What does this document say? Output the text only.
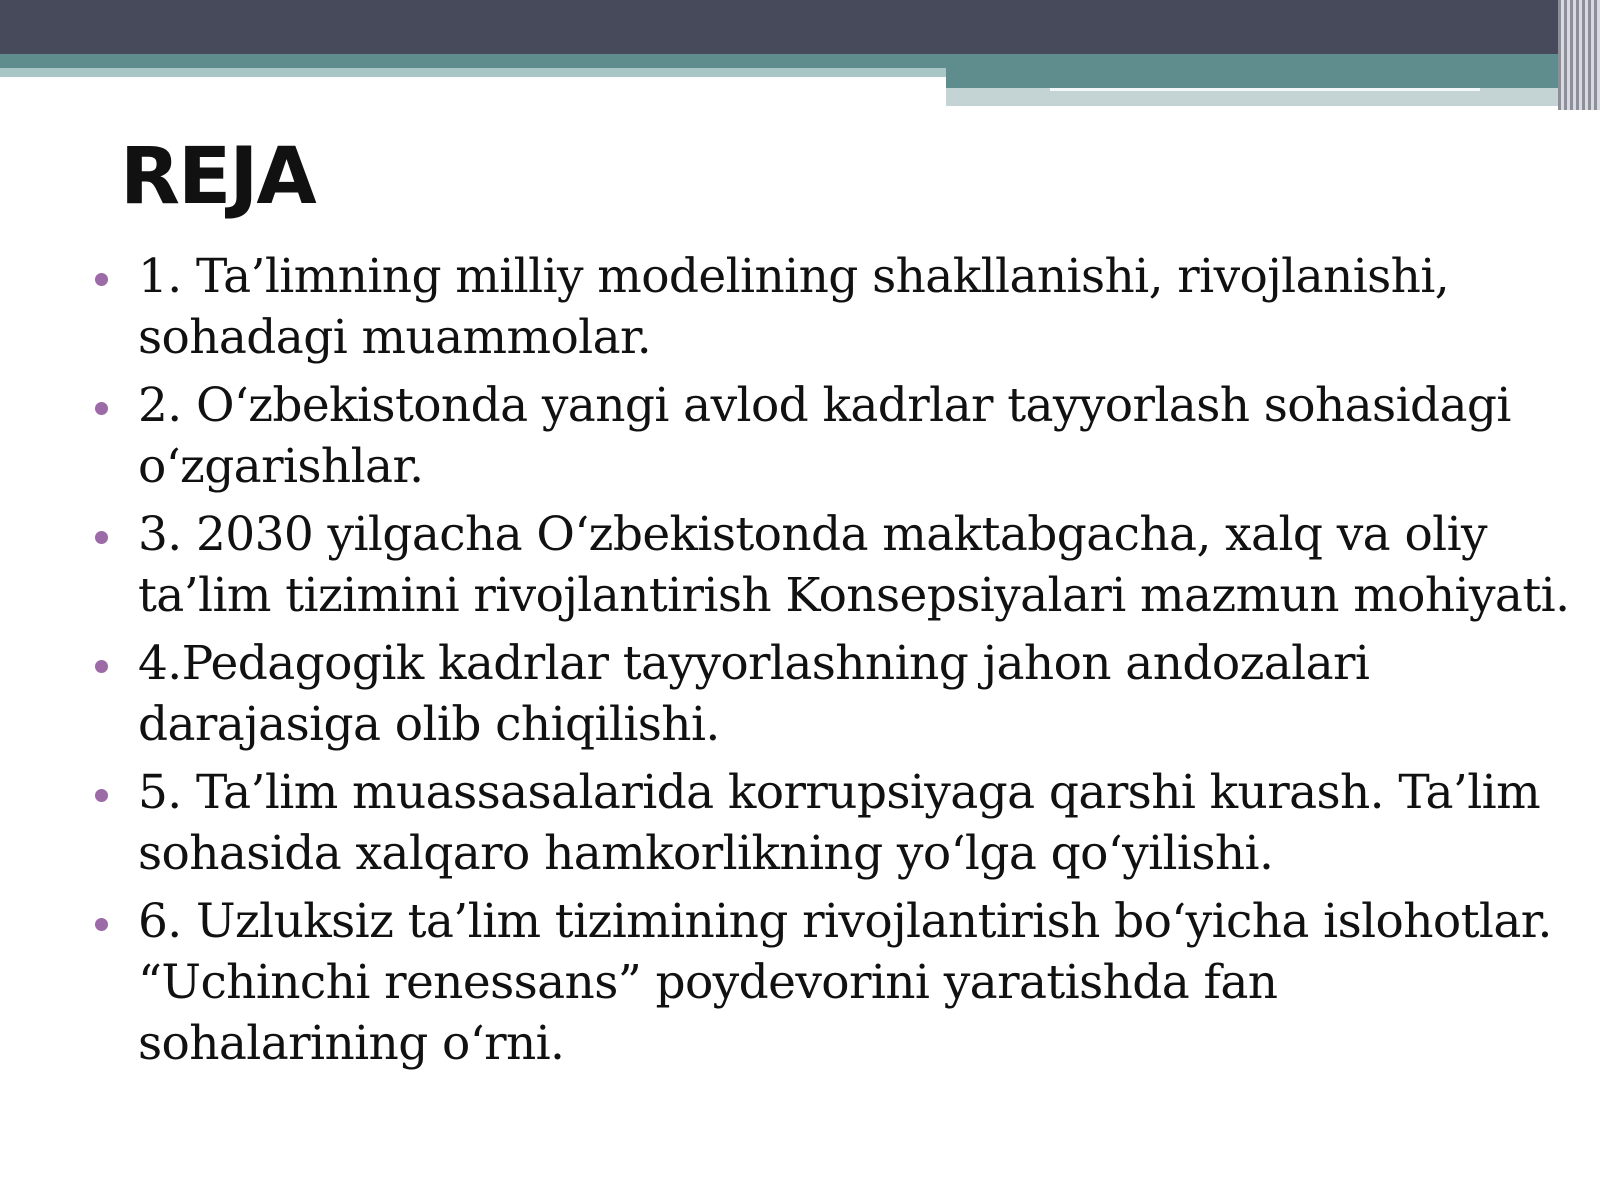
REJA
1. Ta’limning milliy modelining shakllanishi, rivojlanishi, sohadagi muammolar.
2. O‘zbekistonda yangi avlod kadrlar tayyorlash sohasidagi o‘zgarishlar.
3. 2030 yilgacha O‘zbekistonda maktabgacha, xalq va oliy ta’lim tizimini rivojlantirish Konsepsiyalari mazmun mohiyati.
4.Pedagogik kadrlar tayyorlashning jahon andozalari darajasiga olib chiqilishi.
5. Ta’lim muassasalarida korrupsiyaga qarshi kurash. Ta’lim sohasida xalqaro hamkorlikning yo‘lga qo‘yilishi.
6. Uzluksiz ta’lim tizimining rivojlantirish bo‘yicha islohotlar. “Uchinchi renessans” poydevorini yaratishda fan sohalarining o‘rni.
